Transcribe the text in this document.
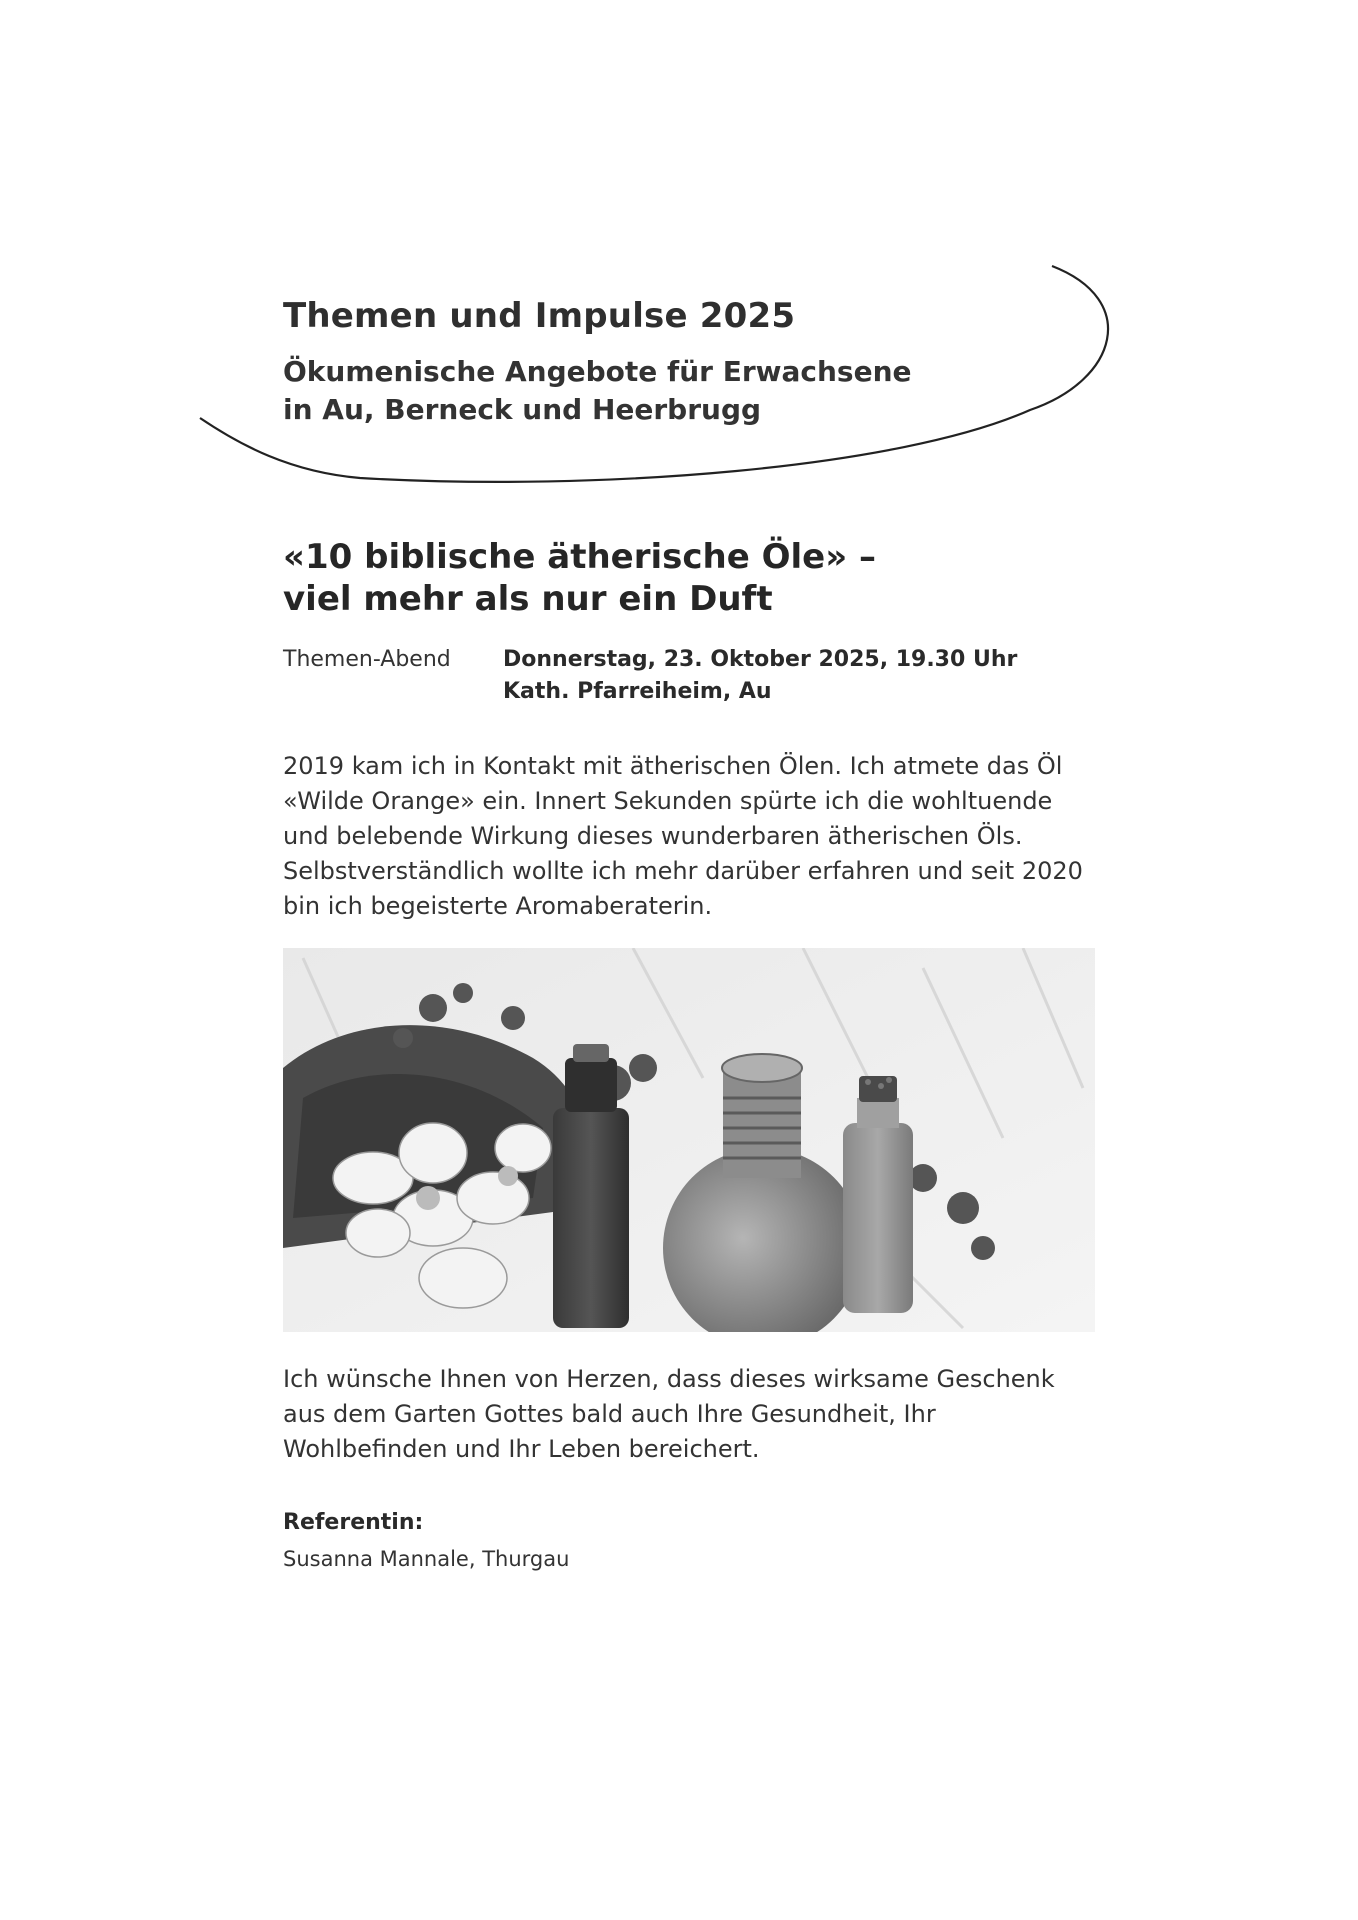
Themen und Impulse 2025
Ökumenische Angebote für Erwachsene
in Au, Berneck und Heerbrugg
«10 biblische ätherische Öle» –
viel mehr als nur ein Duft
Themen-Abend Donnerstag, 23. Oktober 2025, 19.30 Uhr
Kath. Pfarreiheim, Au

2019 kam ich in Kontakt mit ätherischen Ölen. Ich atmete das Öl «Wilde Orange» ein. Innert Sekunden spürte ich die wohltuende und belebende Wirkung dieses wunderbaren ätherischen Öls. Selbstverständlich wollte ich mehr darüber erfahren und seit 2020 bin ich begeisterte Aromaberaterin.

Ich wünsche Ihnen von Herzen, dass dieses wirksame Geschenk aus dem Garten Gottes bald auch Ihre Gesundheit, Ihr Wohlbefinden und Ihr Leben bereichert.

Referentin:
Susanna Mannale, Thurgau
